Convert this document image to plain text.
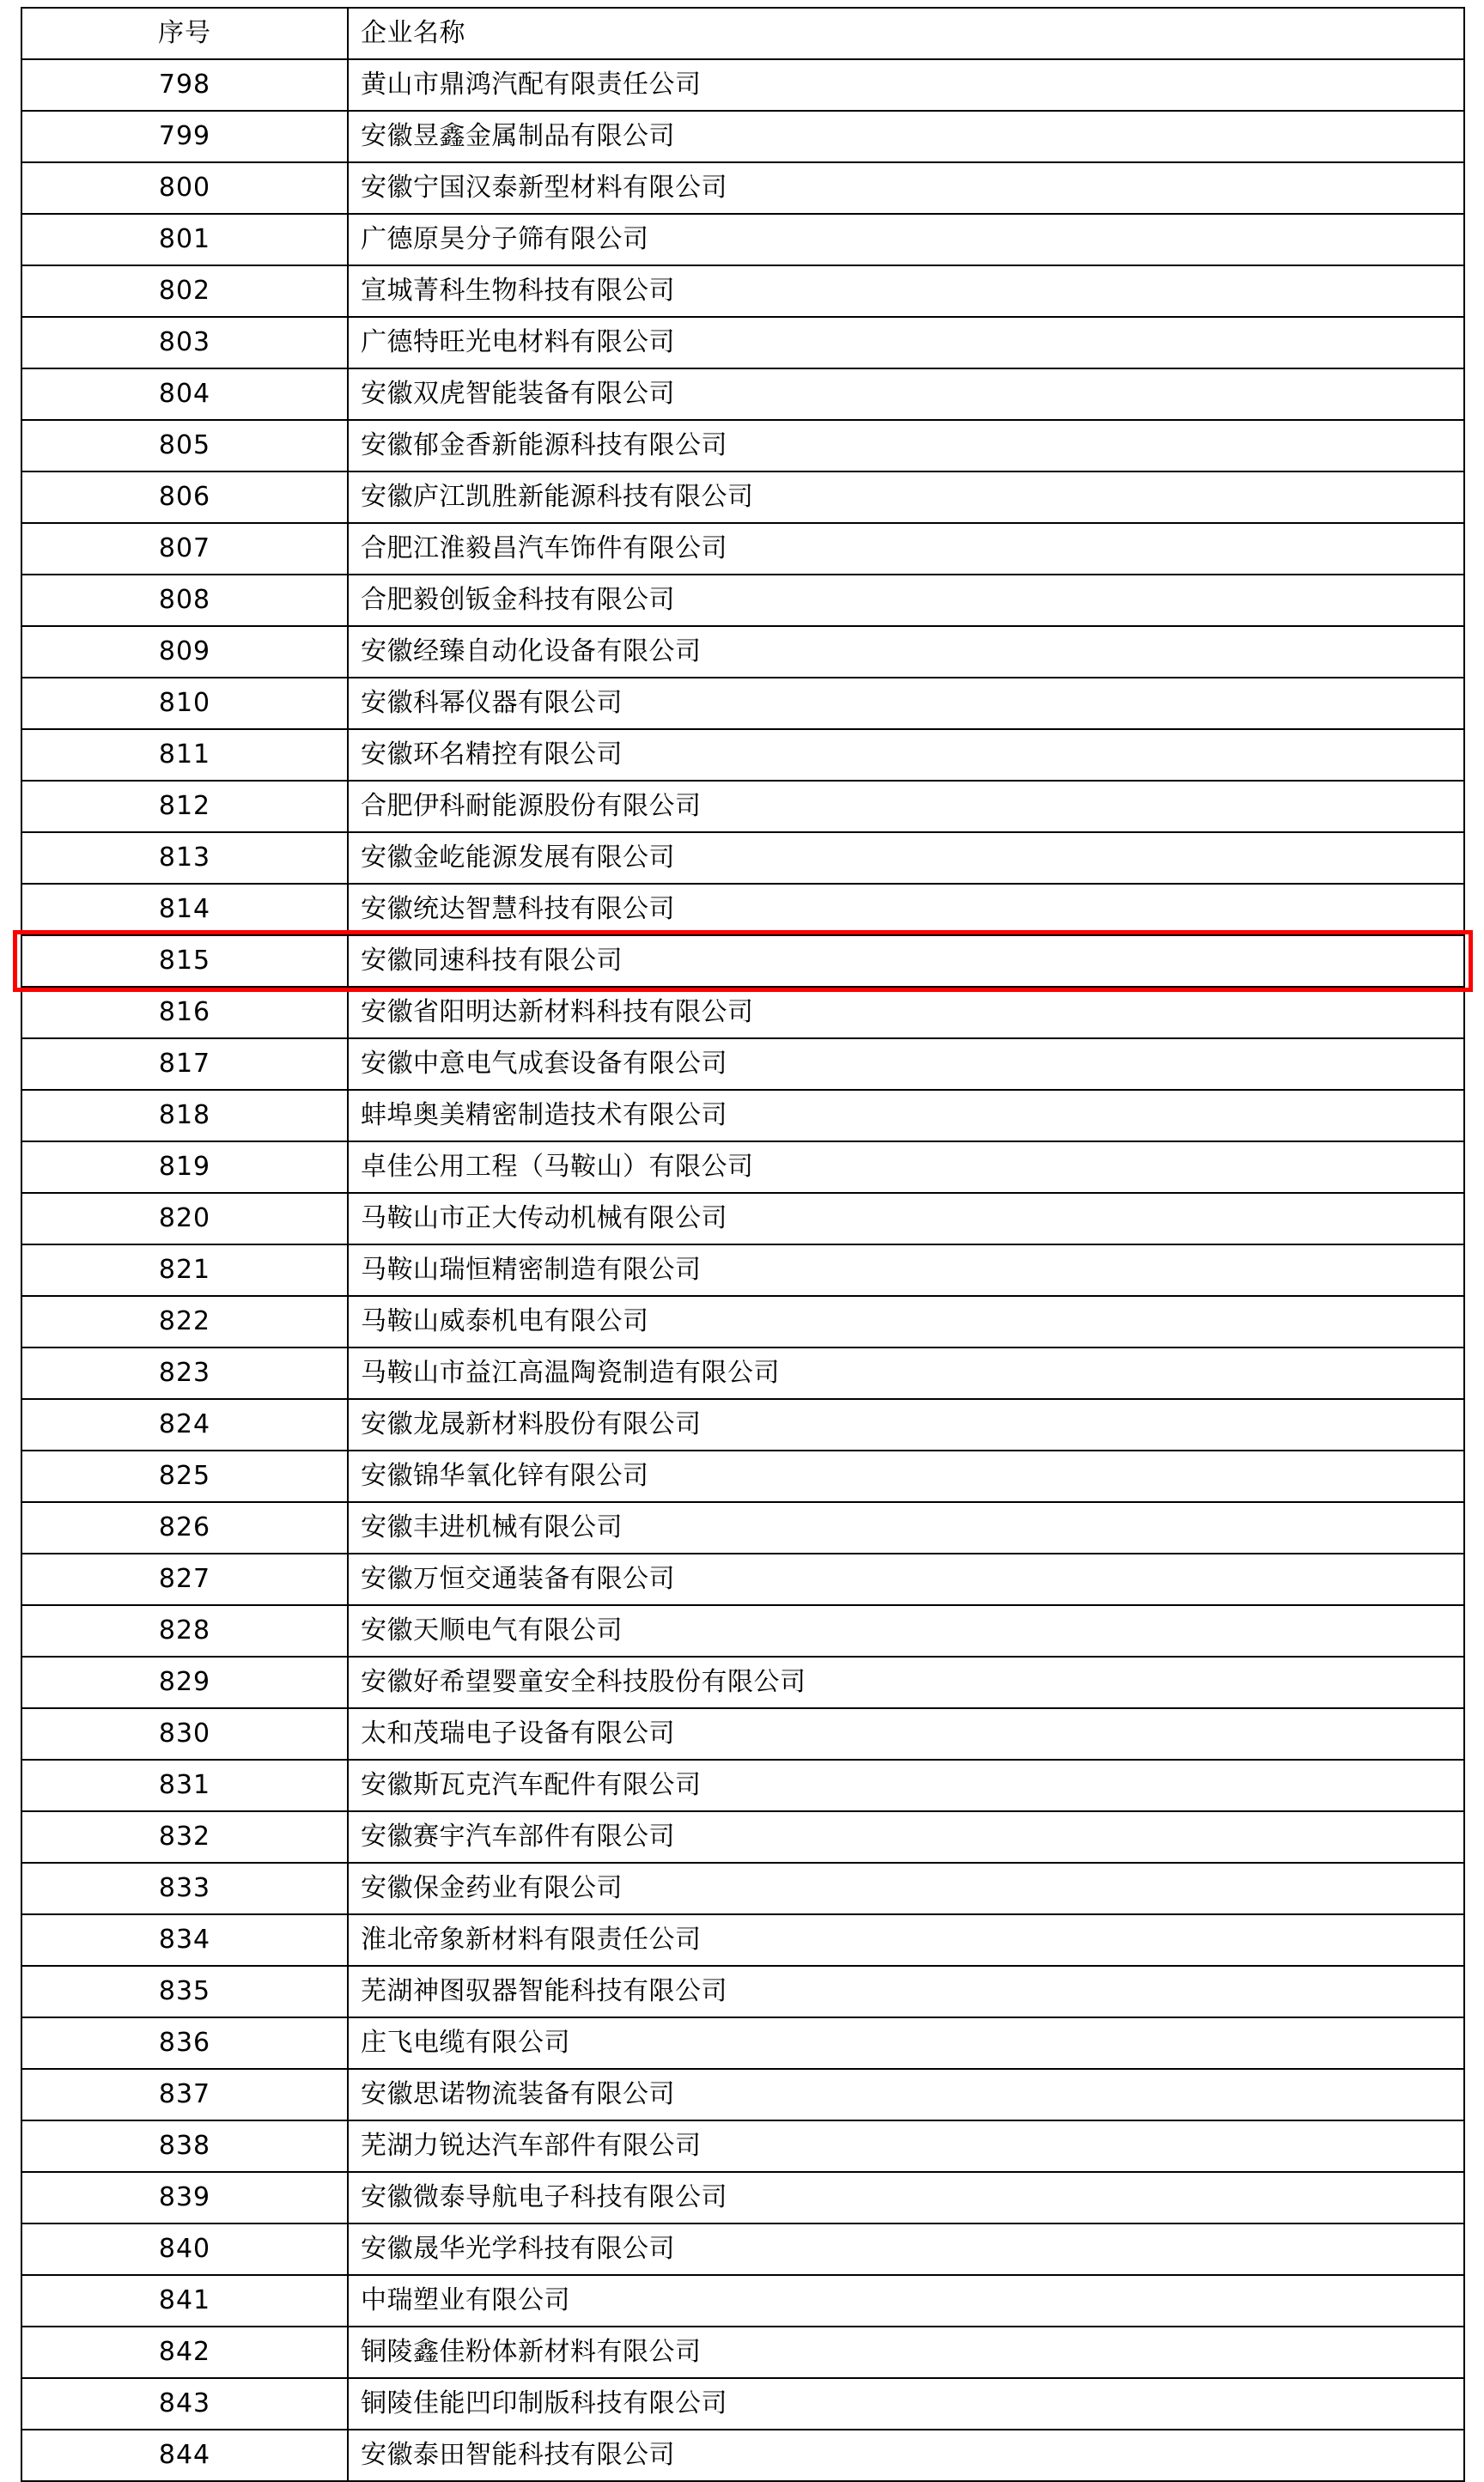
序号	企业名称
798	黄山市鼎鸿汽配有限责任公司
799	安徽昱鑫金属制品有限公司
800	安徽宁国汉泰新型材料有限公司
801	广德原昊分子筛有限公司
802	宣城菁科生物科技有限公司
803	广德特旺光电材料有限公司
804	安徽双虎智能装备有限公司
805	安徽郁金香新能源科技有限公司
806	安徽庐江凯胜新能源科技有限公司
807	合肥江淮毅昌汽车饰件有限公司
808	合肥毅创钣金科技有限公司
809	安徽经臻自动化设备有限公司
810	安徽科幂仪器有限公司
811	安徽环名精控有限公司
812	合肥伊科耐能源股份有限公司
813	安徽金屹能源发展有限公司
814	安徽统达智慧科技有限公司
815	安徽同速科技有限公司
816	安徽省阳明达新材料科技有限公司
817	安徽中意电气成套设备有限公司
818	蚌埠奥美精密制造技术有限公司
819	卓佳公用工程（马鞍山）有限公司
820	马鞍山市正大传动机械有限公司
821	马鞍山瑞恒精密制造有限公司
822	马鞍山威泰机电有限公司
823	马鞍山市益江高温陶瓷制造有限公司
824	安徽龙晟新材料股份有限公司
825	安徽锦华氧化锌有限公司
826	安徽丰进机械有限公司
827	安徽万恒交通装备有限公司
828	安徽天顺电气有限公司
829	安徽好希望婴童安全科技股份有限公司
830	太和茂瑞电子设备有限公司
831	安徽斯瓦克汽车配件有限公司
832	安徽赛宇汽车部件有限公司
833	安徽保金药业有限公司
834	淮北帝象新材料有限责任公司
835	芜湖神图驭器智能科技有限公司
836	庄飞电缆有限公司
837	安徽思诺物流装备有限公司
838	芜湖力锐达汽车部件有限公司
839	安徽微泰导航电子科技有限公司
840	安徽晟华光学科技有限公司
841	中瑞塑业有限公司
842	铜陵鑫佳粉体新材料有限公司
843	铜陵佳能凹印制版科技有限公司
844	安徽泰田智能科技有限公司
